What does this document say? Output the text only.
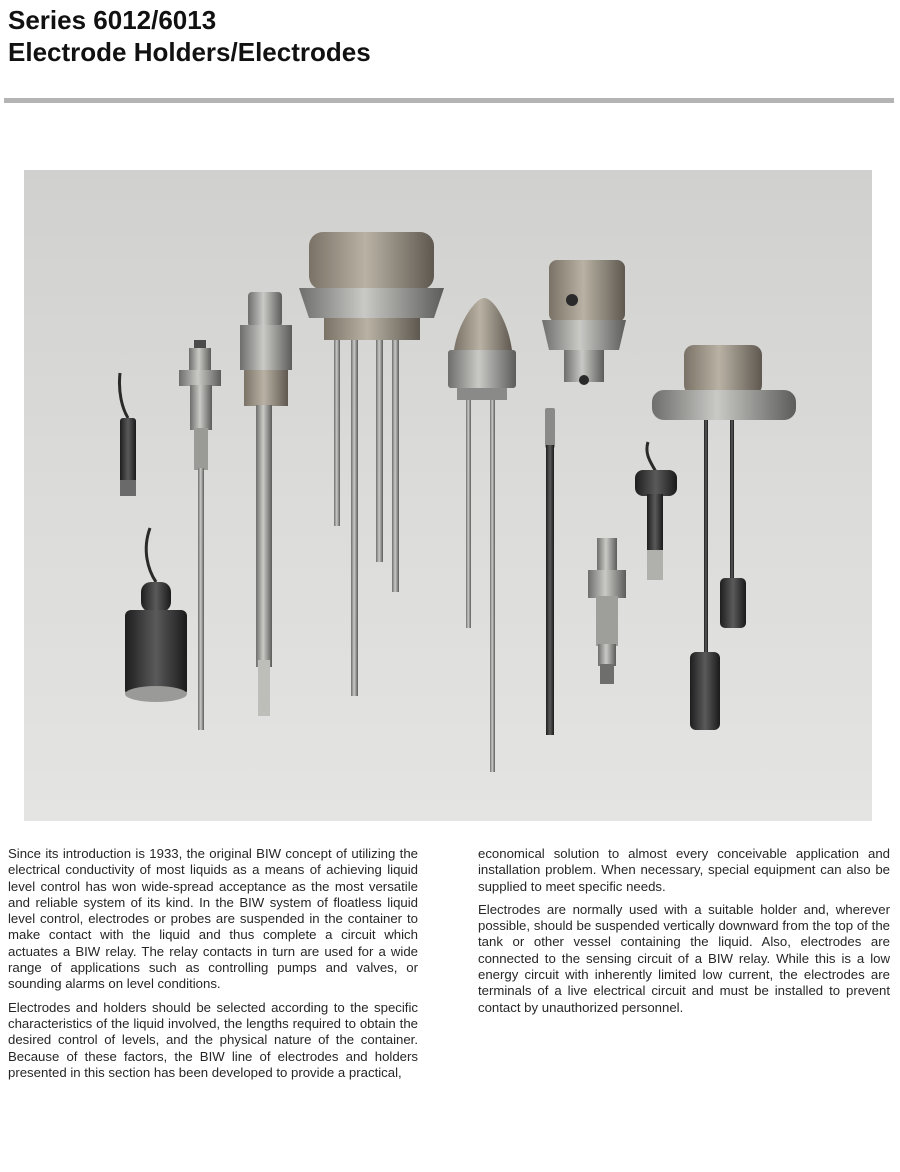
Series 6012/6013
Electrode Holders/Electrodes

Since its introduction is 1933, the original BIW concept of utilizing the electrical conductivity of most liquids as a means of achieving liquid level control has won wide-spread acceptance as the most versatile and reliable system of its kind. In the BIW system of floatless liquid level control, electrodes or probes are suspended in the container to make contact with the liquid and thus complete a circuit which actuates a BIW relay. The relay contacts in turn are used for a wide range of applications such as controlling pumps and valves, or sounding alarms on level conditions.

Electrodes and holders should be selected according to the specific characteristics of the liquid involved, the lengths required to obtain the desired control of levels, and the physical nature of the container. Because of these factors, the BIW line of electrodes and holders presented in this section has been developed to provide a practical,

economical solution to almost every conceivable application and installation problem. When necessary, special equipment can also be supplied to meet specific needs.

Electrodes are normally used with a suitable holder and, wherever possible, should be suspended vertically downward from the top of the tank or other vessel containing the liquid. Also, electrodes are connected to the sensing circuit of a BIW relay. While this is a low energy circuit with inherently limited low current, the electrodes are terminals of a live electrical circuit and must be installed to prevent contact by unauthorized personnel.
